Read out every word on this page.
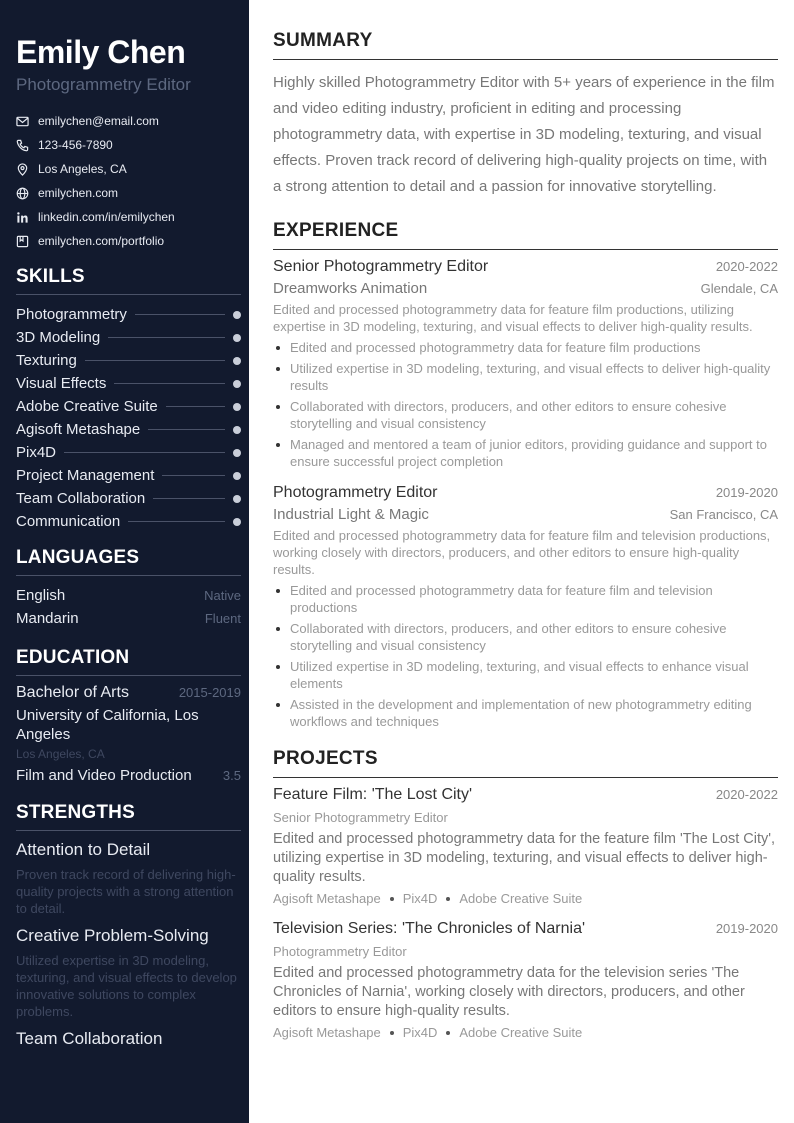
Emily Chen
Photogrammetry Editor
emilychen@email.com
123-456-7890
Los Angeles, CA
emilychen.com
linkedin.com/in/emilychen
emilychen.com/portfolio
SKILLS
Photogrammetry
3D Modeling
Texturing
Visual Effects
Adobe Creative Suite
Agisoft Metashape
Pix4D
Project Management
Team Collaboration
Communication
LANGUAGES
English	Native
Mandarin	Fluent
EDUCATION
Bachelor of Arts	2015-2019
University of California, Los Angeles
Los Angeles, CA
Film and Video Production 3.5
STRENGTHS
Attention to Detail
Proven track record of delivering high-quality projects with a strong attention to detail.
Creative Problem-Solving
Utilized expertise in 3D modeling, texturing, and visual effects to develop innovative solutions to complex problems.
Team Collaboration
SUMMARY

Highly skilled Photogrammetry Editor with 5+ years of experience in the film and video editing industry, proficient in editing and processing photogrammetry data, with expertise in 3D modeling, texturing, and visual effects. Proven track record of delivering high-quality projects on time, with a strong attention to detail and a passion for innovative storytelling.

EXPERIENCE
Senior Photogrammetry Editor	2020-2022
Dreamworks Animation	Glendale, CA
Edited and processed photogrammetry data for feature film productions, utilizing expertise in 3D modeling, texturing, and visual effects to deliver high-quality results.
Edited and processed photogrammetry data for feature film productions
Utilized expertise in 3D modeling, texturing, and visual effects to deliver high-quality results
Collaborated with directors, producers, and other editors to ensure cohesive storytelling and visual consistency
Managed and mentored a team of junior editors, providing guidance and support to ensure successful project completion
Photogrammetry Editor	2019-2020
Industrial Light & Magic	San Francisco, CA
Edited and processed photogrammetry data for feature film and television productions, working closely with directors, producers, and other editors to ensure high-quality results.
Edited and processed photogrammetry data for feature film and television productions
Collaborated with directors, producers, and other editors to ensure cohesive storytelling and visual consistency
Utilized expertise in 3D modeling, texturing, and visual effects to enhance visual elements
Assisted in the development and implementation of new photogrammetry editing workflows and techniques
PROJECTS
Feature Film: 'The Lost City'	2020-2022
Senior Photogrammetry Editor
Edited and processed photogrammetry data for the feature film 'The Lost City', utilizing expertise in 3D modeling, texturing, and visual effects to deliver high-quality results.
Agisoft Metashape Pix4D Adobe Creative Suite
Television Series: 'The Chronicles of Narnia'	2019-2020
Photogrammetry Editor
Edited and processed photogrammetry data for the television series 'The Chronicles of Narnia', working closely with directors, producers, and other editors to ensure high-quality results.
Agisoft Metashape Pix4D Adobe Creative Suite
